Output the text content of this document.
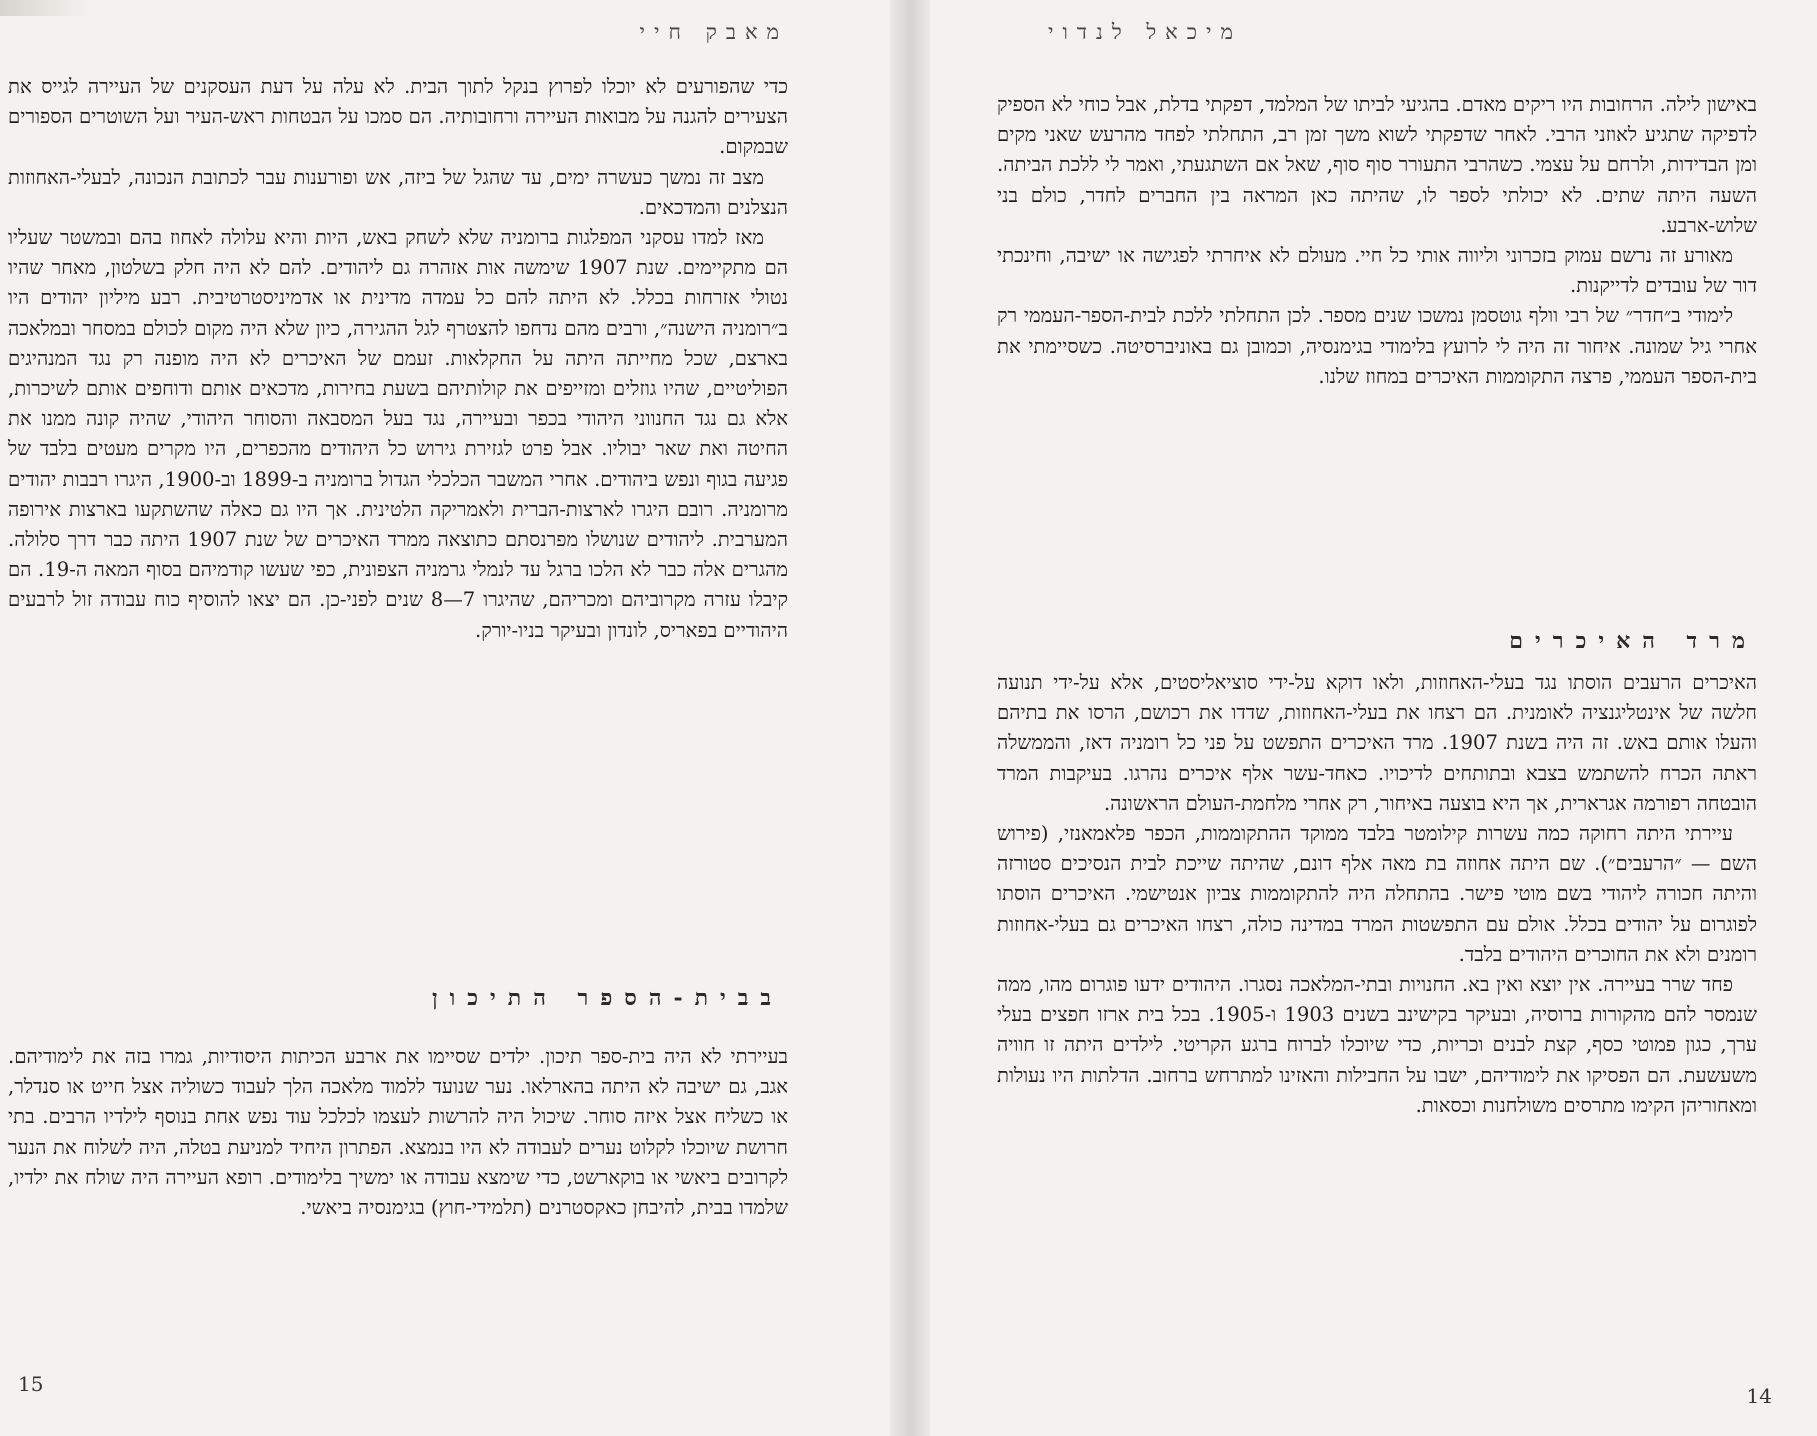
מאבק חיי

כדי שהפורעים לא יוכלו לפרוץ בנקל לתוך הבית. לא עלה על דעת העסקנים של העיירה לגייס את הצעירים להגנה על מבואות העיירה ורחובותיה. הם סמכו על הבטחות ראש-העיר ועל השוטרים הספורים שבמקום.

מצב זה נמשך כעשרה ימים, עד שהגל של ביזה, אש ופורענות עבר לכתובת הנכונה, לבעלי-האחוזות הנצלנים והמדכאים.

מאז למדו עסקני המפלגות ברומניה שלא לשחק באש, היות והיא עלולה לאחוז בהם ובמשטר שעליו הם מתקיימים. שנת 1907 שימשה אות אזהרה גם ליהודים. להם לא היה חלק בשלטון, מאחר שהיו נטולי אזרחות בכלל. לא היתה להם כל עמדה מדינית או אדמיניסטרטיבית. רבע מיליון יהודים היו ב״רומניה הישנה״, ורבים מהם נדחפו להצטרף לגל ההגירה, כיון שלא היה מקום לכולם במסחר ובמלאכה בארצם, שכל מחייתה היתה על החקלאות. זעמם של האיכרים לא היה מופנה רק נגד המנהיגים הפוליטיים, שהיו גוזלים ומזייפים את קולותיהם בשעת בחירות, מדכאים אותם ודוחפים אותם לשיכרות, אלא גם נגד החנווני היהודי בכפר ובעיירה, נגד בעל המסבאה והסוחר היהודי, שהיה קונה ממנו את החיטה ואת שאר יבוליו. אבל פרט לגזירת גירוש כל היהודים מהכפרים, היו מקרים מעטים בלבד של פגיעה בגוף ונפש ביהודים. אחרי המשבר הכלכלי הגדול ברומניה ב-1899 וב-1900, היגרו רבבות יהודים מרומניה. רובם היגרו לארצות-הברית ולאמריקה הלטינית. אך היו גם כאלה שהשתקעו בארצות אירופה המערבית. ליהודים שנושלו מפרנסתם כתוצאה ממרד האיכרים של שנת 1907 היתה כבר דרך סלולה. מהגרים אלה כבר לא הלכו ברגל עד לנמלי גרמניה הצפונית, כפי שעשו קודמיהם בסוף המאה ה-19. הם קיבלו עזרה מקרוביהם ומכריהם, שהיגרו 7—8 שנים לפני-כן. הם יצאו להוסיף כוח עבודה זול לרבעים היהודיים בפאריס, לונדון ובעיקר בניו-יורק.

בבית-הספר התיכון

בעיירתי לא היה בית-ספר תיכון. ילדים שסיימו את ארבע הכיתות היסודיות, גמרו בזה את לימודיהם. אגב, גם ישיבה לא היתה בהארלאו. נער שנועד ללמוד מלאכה הלך לעבוד כשוליה אצל חייט או סנדלר, או כשליח אצל איזה סוחר. שיכול היה להרשות לעצמו לכלכל עוד נפש אחת בנוסף לילדיו הרבים. בתי חרושת שיוכלו לקלוט נערים לעבודה לא היו בנמצא. הפתרון היחיד למניעת בטלה, היה לשלוח את הנער לקרובים ביאשי או בוקארשט, כדי שימצא עבודה או ימשיך בלימודים. רופא העיירה היה שולח את ילדיו, שלמדו בבית, להיבחן כאקסטרנים (תלמידי-חוץ) בגימנסיה ביאשי.

15
מיכאל לנדוי

באישון לילה. הרחובות היו ריקים מאדם. בהגיעי לביתו של המלמד, דפקתי בדלת, אבל כוחי לא הספיק לדפיקה שתגיע לאוזני הרבי. לאחר שדפקתי לשוא משך זמן רב, התחלתי לפחד מהרעש שאני מקים ומן הבדידות, ולרחם על עצמי. כשהרבי התעורר סוף סוף, שאל אם השתגעתי, ואמר לי ללכת הביתה. השעה היתה שתים. לא יכולתי לספר לו, שהיתה כאן המראה בין החברים לחדר, כולם בני שלוש-ארבע.

מאורע זה נרשם עמוק בזכרוני וליווה אותי כל חיי. מעולם לא איחרתי לפגישה או ישיבה, וחינכתי דור של עובדים לדייקנות.

לימודי ב״חדר״ של רבי וולף גוטסמן נמשכו שנים מספר. לכן התחלתי ללכת לבית-הספר-העממי רק אחרי גיל שמונה. איחור זה היה לי לרועץ בלימודי בגימנסיה, וכמובן גם באוניברסיטה. כשסיימתי את בית-הספר העממי, פרצה התקוממות האיכרים במחוז שלנו.

מרד האיכרים

האיכרים הרעבים הוסתו נגד בעלי-האחוזות, ולאו דוקא על-ידי סוציאליסטים, אלא על-ידי תנועה חלשה של אינטליגנציה לאומנית. הם רצחו את בעלי-האחוזות, שדדו את רכושם, הרסו את בתיהם והעלו אותם באש. זה היה בשנת 1907. מרד האיכרים התפשט על פני כל רומניה דאז, והממשלה ראתה הכרח להשתמש בצבא ובתותחים לדיכויו. כאחד-עשר אלף איכרים נהרגו. בעיקבות המרד הובטחה רפורמה אגרארית, אך היא בוצעה באיחור, רק אחרי מלחמת-העולם הראשונה.

עיירתי היתה רחוקה כמה עשרות קילומטר בלבד ממוקד ההתקוממות, הכפר פלאמאנזי, (פירוש השם — ״הרעבים״). שם היתה אחוזה בת מאה אלף דונם, שהיתה שייכת לבית הנסיכים סטורזה והיתה חכורה ליהודי בשם מוטי פישר. בהתחלה היה להתקוממות צביון אנטישמי. האיכרים הוסתו לפוגרום על יהודים בכלל. אולם עם התפשטות המרד במדינה כולה, רצחו האיכרים גם בעלי-אחוזות רומנים ולא את החוכרים היהודים בלבד.

פחד שרר בעיירה. אין יוצא ואין בא. החנויות ובתי-המלאכה נסגרו. היהודים ידעו פוגרום מהו, ממה שנמסר להם מהקורות ברוסיה, ובעיקר בקישינב בשנים 1903 ו-1905. בכל בית ארזו חפצים בעלי ערך, כגון פמוטי כסף, קצת לבנים וכריות, כדי שיוכלו לברוח ברגע הקריטי. לילדים היתה זו חוויה משעשעת. הם הפסיקו את לימודיהם, ישבו על החבילות והאזינו למתרחש ברחוב. הדלתות היו נעולות ומאחוריהן הקימו מתרסים משולחנות וכסאות.

14
